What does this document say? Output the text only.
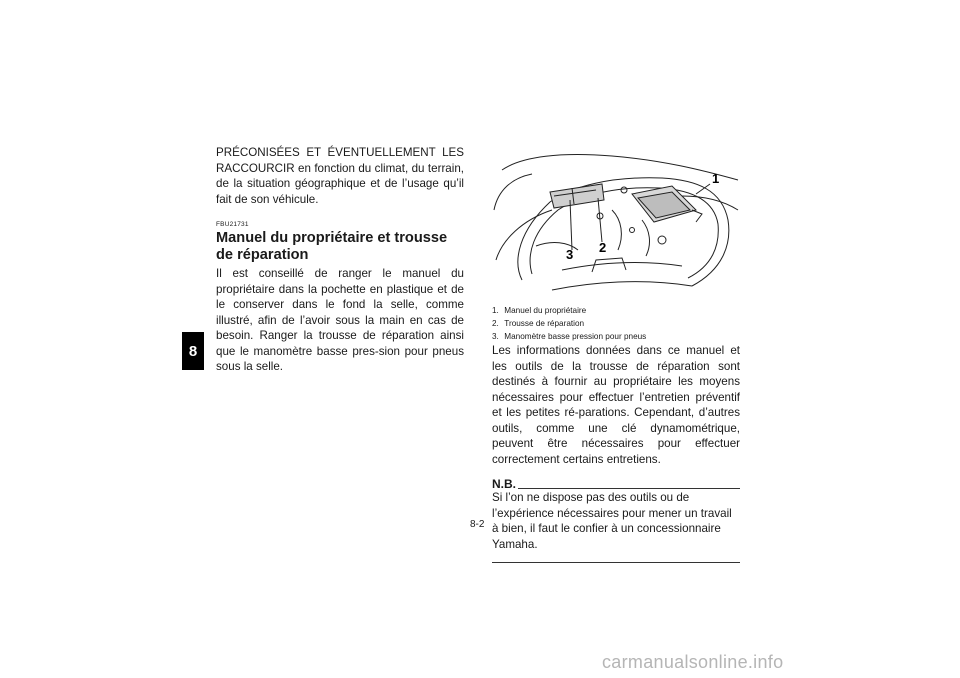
8

PRÉCONISÉES ET ÉVENTUELLEMENT LES RACCOURCIR en fonction du climat, du terrain, de la situation géographique et de l’usage qu’il fait de son véhicule.

FBU21731
Manuel du propriétaire et trousse de réparation

Il est conseillé de ranger le manuel du propriétaire dans la pochette en plastique et de le conserver dans le fond la selle, comme illustré, afin de l’avoir sous la main en cas de besoin. Ranger la trousse de réparation ainsi que le manomètre basse pres-sion pour pneus sous la selle.

1
2
3
1. Manuel du propriétaire
2. Trousse de réparation
3. Manomètre basse pression pour pneus

Les informations données dans ce manuel et les outils de la trousse de réparation sont destinés à fournir au propriétaire les moyens nécessaires pour effectuer l’entretien préventif et les petites ré-parations. Cependant, d’autres outils, comme une clé dynamométrique, peuvent être nécessaires pour effectuer correctement certains entretiens.

N.B.

Si l’on ne dispose pas des outils ou de l’expérience nécessaires pour mener un travail à bien, il faut le confier à un concessionnaire Yamaha.

8-2
carmanualsonline.info
